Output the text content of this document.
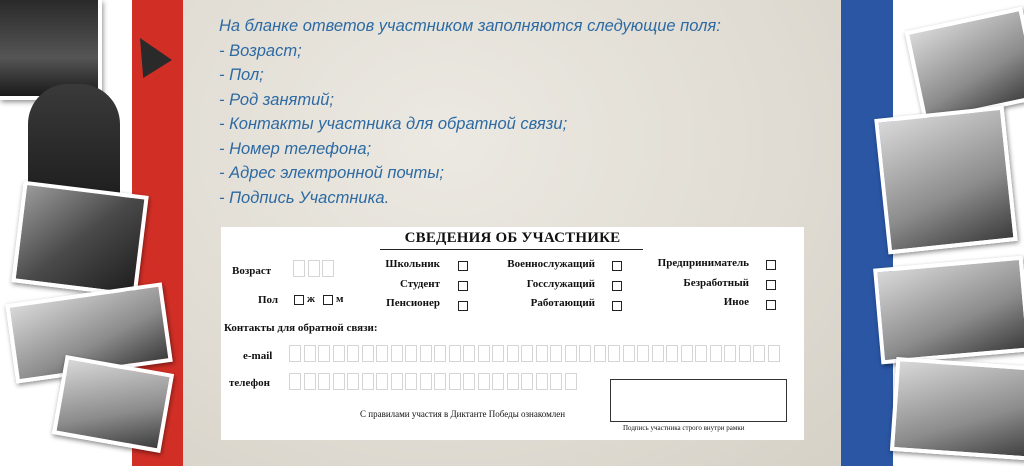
На бланке ответов участником заполняются следующие поля:
- Возраст;
- Пол;
- Род занятий;
- Контакты участника для обратной связи;
- Номер телефона;
- Адрес электронной почты;
- Подпись Участника.
СВЕДЕНИЯ ОБ УЧАСТНИКЕ
Возраст
Пол	ж м
Школьник
Студент
Пенсионер
Военнослужащий
Госслужащий
Работающий
Предприниматель
Безработный
Иное
Контакты для обратной связи:
e-mail
телефон
С правилами участия в Диктанте Победы ознакомлен
Подпись участника строго внутри рамки
